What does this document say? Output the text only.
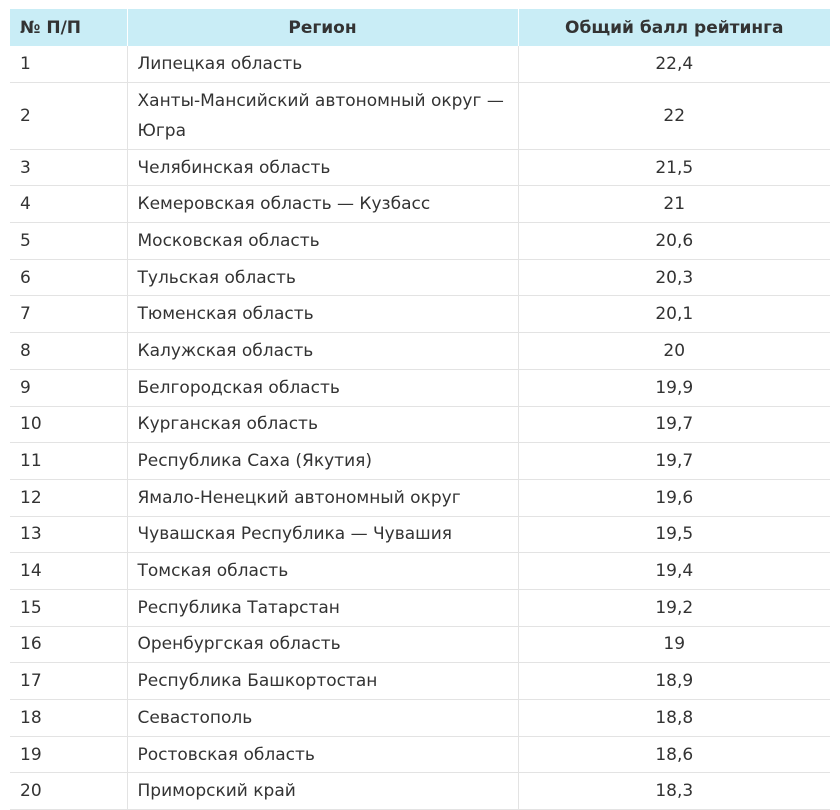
№ П/П	Регион	Общий балл рейтинга
1	Липецкая область	22,4
2	Ханты-Мансийский автономный округ — Югра	22
3	Челябинская область	21,5
4	Кемеровская область — Кузбасс	21
5	Московская область	20,6
6	Тульская область	20,3
7	Тюменская область	20,1
8	Калужская область	20
9	Белгородская область	19,9
10	Курганская область	19,7
11	Республика Саха (Якутия)	19,7
12	Ямало-Ненецкий автономный округ	19,6
13	Чувашская Республика — Чувашия	19,5
14	Томская область	19,4
15	Республика Татарстан	19,2
16	Оренбургская область	19
17	Республика Башкортостан	18,9
18	Севастополь	18,8
19	Ростовская область	18,6
20	Приморский край	18,3
